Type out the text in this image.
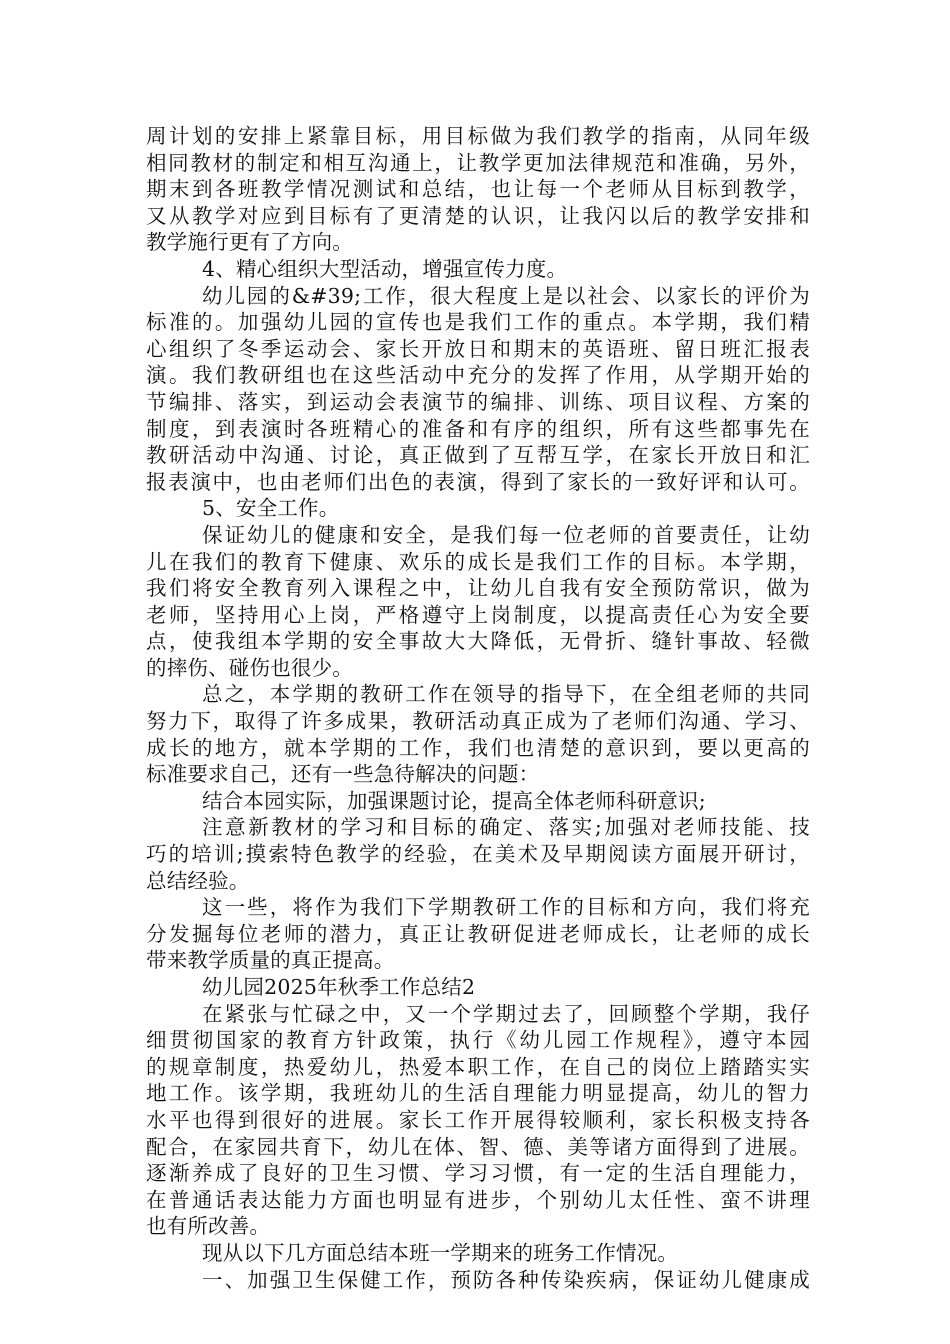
周计划的安排上紧靠目标，用目标做为我们教学的指南，从同年级
相同教材的制定和相互沟通上，让教学更加法律规范和准确，另外，
期末到各班教学情况测试和总结，也让每一个老师从目标到教学，
又从教学对应到目标有了更清楚的认识，让我闪以后的教学安排和
教学施行更有了方向。
4、精心组织大型活动，增强宣传力度。
幼儿园的&#39;工作，很大程度上是以社会、以家长的评价为
标准的。加强幼儿园的宣传也是我们工作的重点。本学期，我们精
心组织了冬季运动会、家长开放日和期末的英语班、留日班汇报表
演。我们教研组也在这些活动中充分的发挥了作用，从学期开始的
节编排、落实，到运动会表演节的编排、训练、项目议程、方案的
制度，到表演时各班精心的准备和有序的组织，所有这些都事先在
教研活动中沟通、讨论，真正做到了互帮互学，在家长开放日和汇
报表演中，也由老师们出色的表演，得到了家长的一致好评和认可。
5、安全工作。
保证幼儿的健康和安全，是我们每一位老师的首要责任，让幼
儿在我们的教育下健康、欢乐的成长是我们工作的目标。本学期，
我们将安全教育列入课程之中，让幼儿自我有安全预防常识，做为
老师，坚持用心上岗，严格遵守上岗制度，以提高责任心为安全要
点，使我组本学期的安全事故大大降低，无骨折、缝针事故、轻微
的摔伤、碰伤也很少。
总之，本学期的教研工作在领导的指导下，在全组老师的共同
努力下，取得了许多成果，教研活动真正成为了老师们沟通、学习、
成长的地方，就本学期的工作，我们也清楚的意识到，要以更高的
标准要求自己，还有一些急待解决的问题：
结合本园实际，加强课题讨论，提高全体老师科研意识;
注意新教材的学习和目标的确定、落实;加强对老师技能、技
巧的培训;摸索特色教学的经验，在美术及早期阅读方面展开研讨，
总结经验。
这一些，将作为我们下学期教研工作的目标和方向，我们将充
分发掘每位老师的潜力，真正让教研促进老师成长，让老师的成长
带来教学质量的真正提高。
幼儿园2025年秋季工作总结2
在紧张与忙碌之中，又一个学期过去了，回顾整个学期，我仔
细贯彻国家的教育方针政策，执行《幼儿园工作规程》，遵守本园
的规章制度，热爱幼儿，热爱本职工作，在自己的岗位上踏踏实实
地工作。该学期，我班幼儿的生活自理能力明显提高，幼儿的智力
水平也得到很好的进展。家长工作开展得较顺利，家长积极支持各
配合，在家园共育下，幼儿在体、智、德、美等诸方面得到了进展。
逐渐养成了良好的卫生习惯、学习习惯，有一定的生活自理能力，
在普通话表达能力方面也明显有进步，个别幼儿太任性、蛮不讲理
也有所改善。
现从以下几方面总结本班一学期来的班务工作情况。
一、加强卫生保健工作，预防各种传染疾病，保证幼儿健康成
